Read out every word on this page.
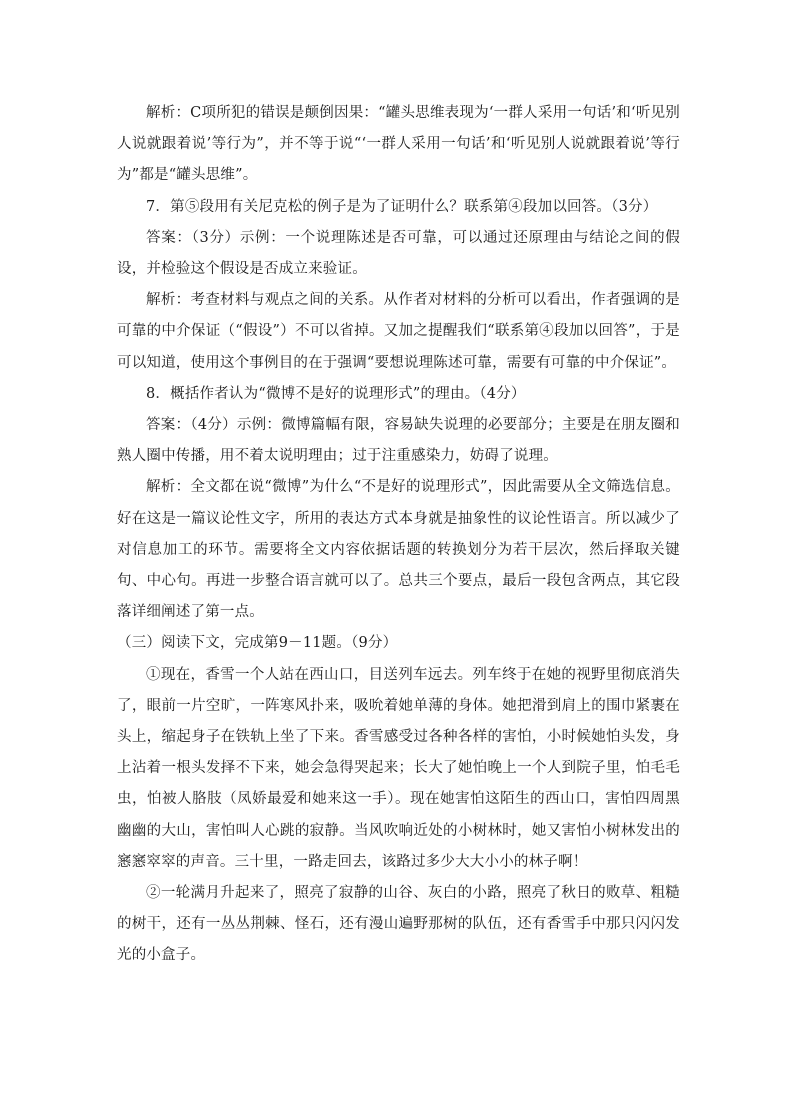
解析：C项所犯的错误是颠倒因果：“罐头思维表现为‘一群人采用一句话’和‘听见别人说就跟着说’等行为”，并不等于说“‘一群人采用一句话’和‘听见别人说就跟着说’等行为”都是“罐头思维”。

7．第⑤段用有关尼克松的例子是为了证明什么？联系第④段加以回答。（3分）

答案：（3分）示例：一个说理陈述是否可靠，可以通过还原理由与结论之间的假设，并检验这个假设是否成立来验证。

解析：考查材料与观点之间的关系。从作者对材料的分析可以看出，作者强调的是可靠的中介保证（“假设”）不可以省掉。又加之提醒我们“联系第④段加以回答”，于是可以知道，使用这个事例目的在于强调“要想说理陈述可靠，需要有可靠的中介保证”。

8．概括作者认为“微博不是好的说理形式”的理由。（4分）

答案：（4分）示例：微博篇幅有限，容易缺失说理的必要部分；主要是在朋友圈和熟人圈中传播，用不着太说明理由；过于注重感染力，妨碍了说理。

解析：全文都在说“微博”为什么“不是好的说理形式”，因此需要从全文筛选信息。好在这是一篇议论性文字，所用的表达方式本身就是抽象性的议论性语言。所以减少了对信息加工的环节。需要将全文内容依据话题的转换划分为若干层次，然后择取关键句、中心句。再进一步整合语言就可以了。总共三个要点，最后一段包含两点，其它段落详细阐述了第一点。

（三）阅读下文，完成第9－11题。（9分）

①现在，香雪一个人站在西山口，目送列车远去。列车终于在她的视野里彻底消失了，眼前一片空旷，一阵寒风扑来，吸吮着她单薄的身体。她把滑到肩上的围巾紧裹在头上，缩起身子在铁轨上坐了下来。香雪感受过各种各样的害怕，小时候她怕头发，身上沾着一根头发择不下来，她会急得哭起来；长大了她怕晚上一个人到院子里，怕毛毛虫，怕被人胳肢（凤娇最爱和她来这一手）。现在她害怕这陌生的西山口，害怕四周黑幽幽的大山，害怕叫人心跳的寂静。当风吹响近处的小树林时，她又害怕小树林发出的窸窸窣窣的声音。三十里，一路走回去，该路过多少大大小小的林子啊！

②一轮满月升起来了，照亮了寂静的山谷、灰白的小路，照亮了秋日的败草、粗糙的树干，还有一丛丛荆棘、怪石，还有漫山遍野那树的队伍，还有香雪手中那只闪闪发光的小盒子。
